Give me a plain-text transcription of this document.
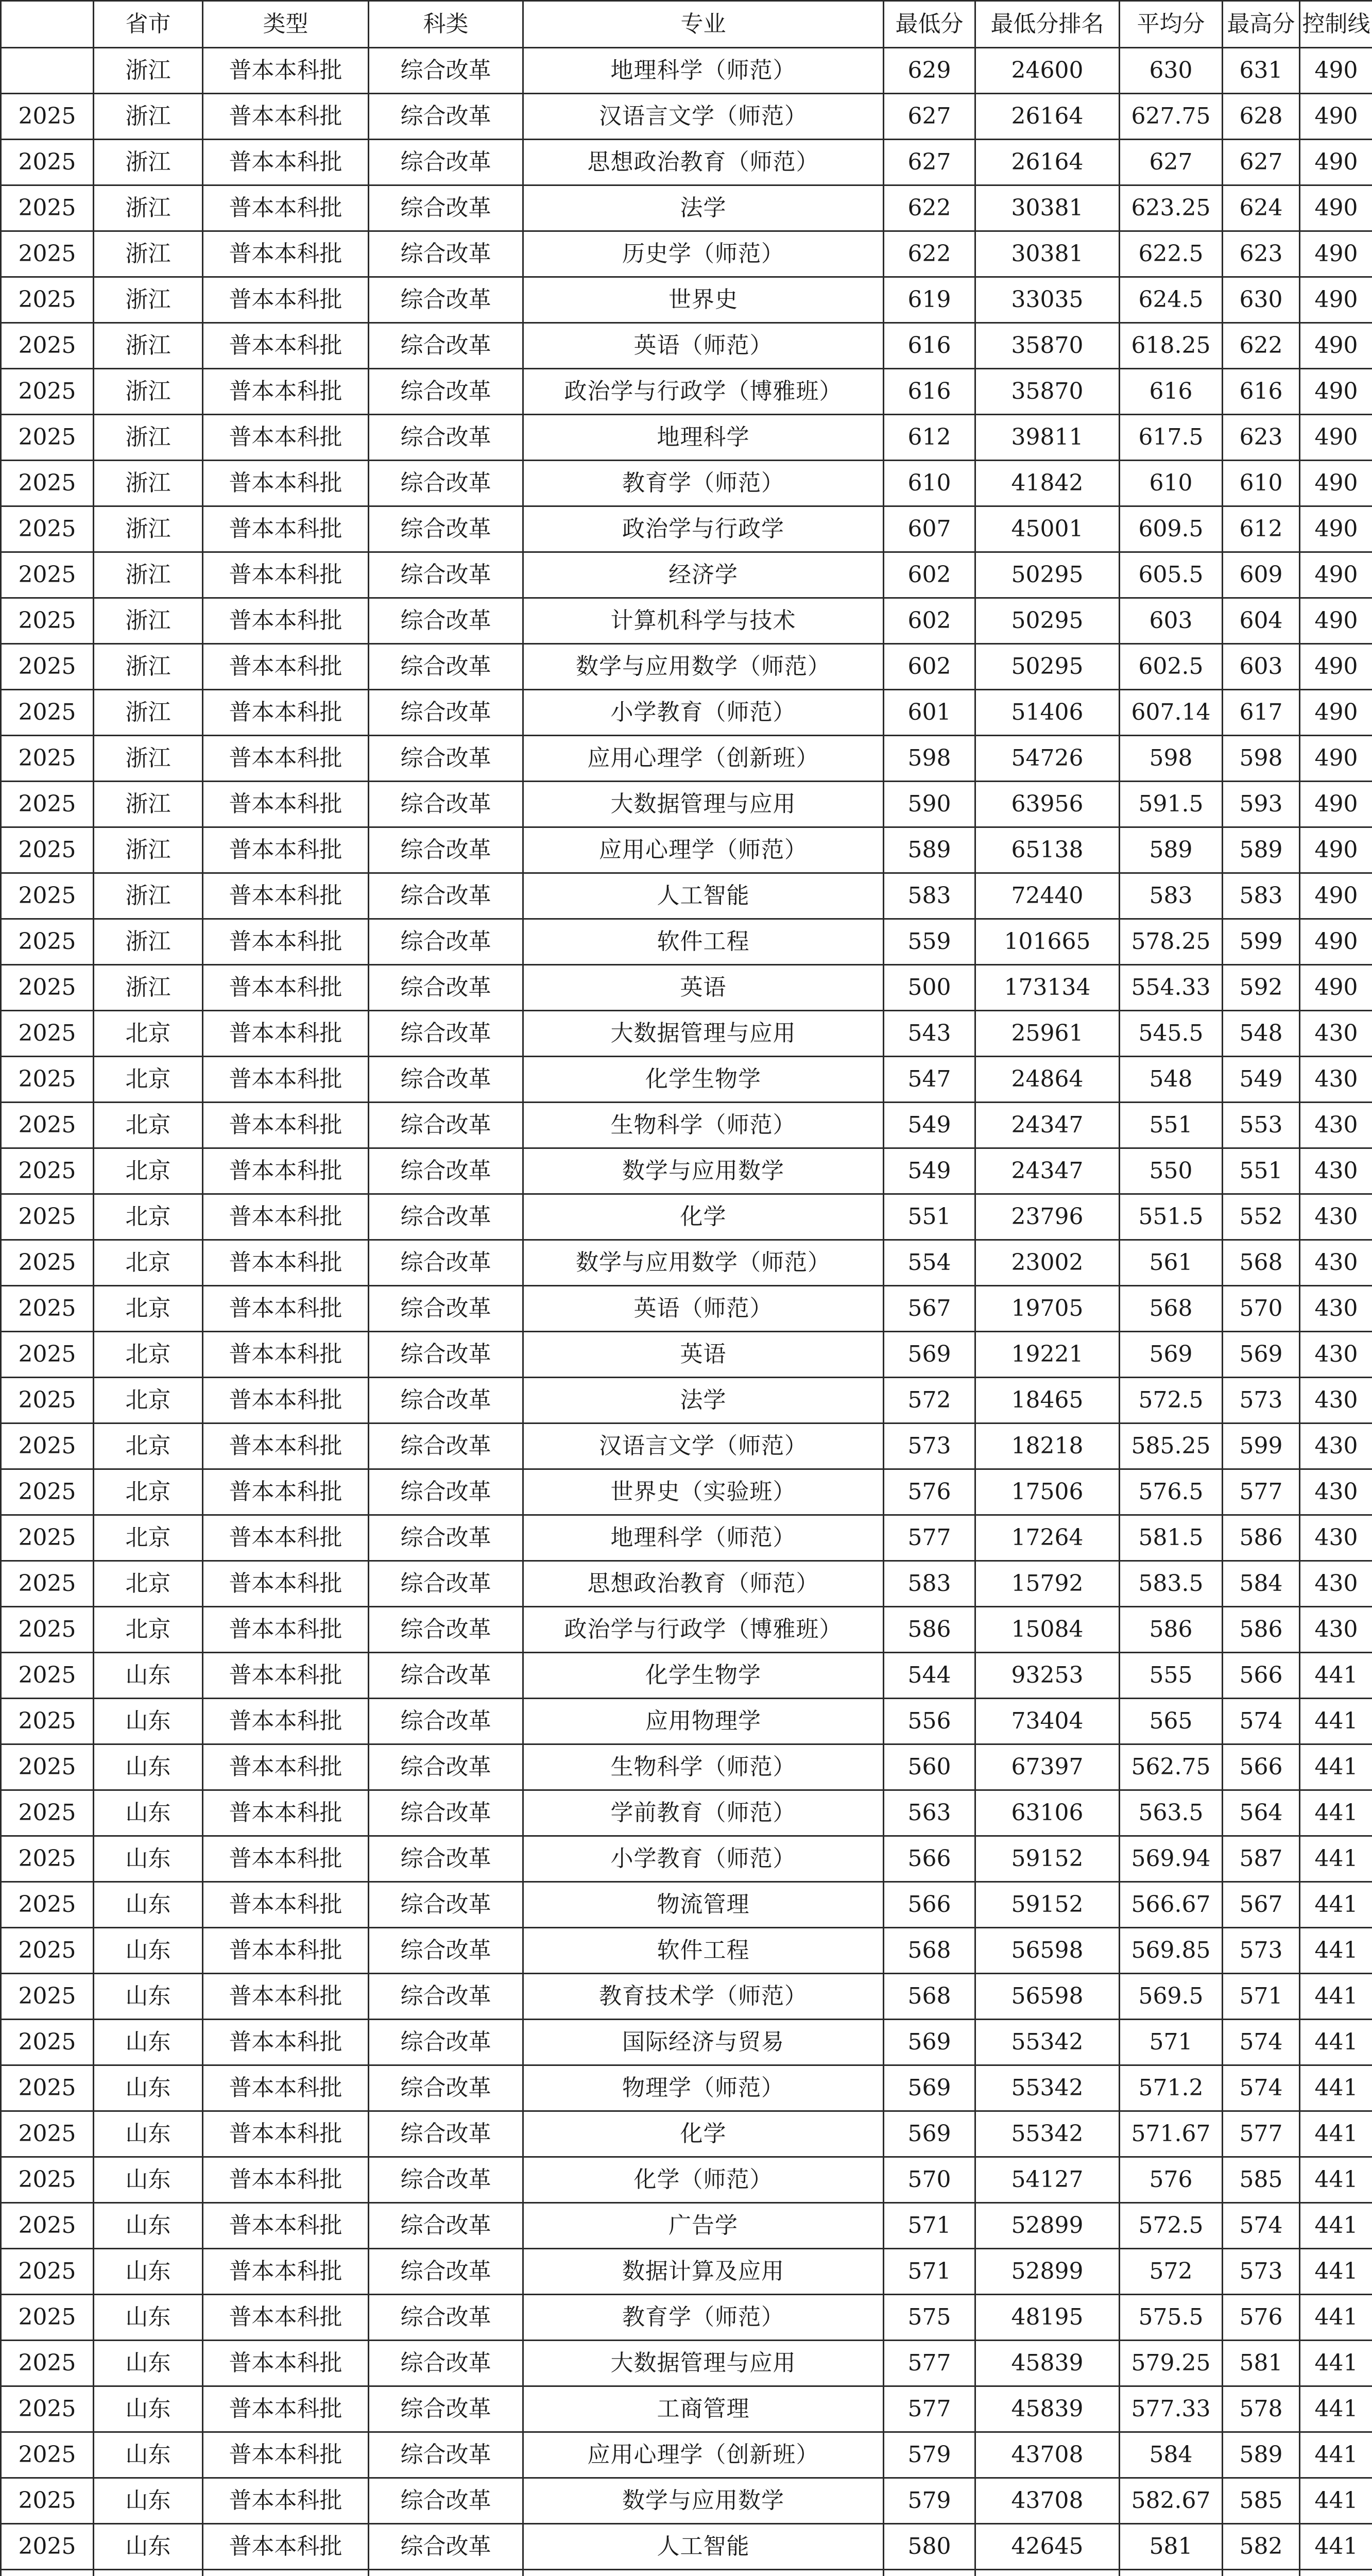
	省市	类型	科类	专业	最低分	最低分排名	平均分	最高分	控制线
	浙江	普本本科批	综合改革	地理科学（师范）	629	24600	630	631	490
2025	浙江	普本本科批	综合改革	汉语言文学（师范）	627	26164	627.75	628	490
2025	浙江	普本本科批	综合改革	思想政治教育（师范）	627	26164	627	627	490
2025	浙江	普本本科批	综合改革	法学	622	30381	623.25	624	490
2025	浙江	普本本科批	综合改革	历史学（师范）	622	30381	622.5	623	490
2025	浙江	普本本科批	综合改革	世界史	619	33035	624.5	630	490
2025	浙江	普本本科批	综合改革	英语（师范）	616	35870	618.25	622	490
2025	浙江	普本本科批	综合改革	政治学与行政学（博雅班）	616	35870	616	616	490
2025	浙江	普本本科批	综合改革	地理科学	612	39811	617.5	623	490
2025	浙江	普本本科批	综合改革	教育学（师范）	610	41842	610	610	490
2025	浙江	普本本科批	综合改革	政治学与行政学	607	45001	609.5	612	490
2025	浙江	普本本科批	综合改革	经济学	602	50295	605.5	609	490
2025	浙江	普本本科批	综合改革	计算机科学与技术	602	50295	603	604	490
2025	浙江	普本本科批	综合改革	数学与应用数学（师范）	602	50295	602.5	603	490
2025	浙江	普本本科批	综合改革	小学教育（师范）	601	51406	607.14	617	490
2025	浙江	普本本科批	综合改革	应用心理学（创新班）	598	54726	598	598	490
2025	浙江	普本本科批	综合改革	大数据管理与应用	590	63956	591.5	593	490
2025	浙江	普本本科批	综合改革	应用心理学（师范）	589	65138	589	589	490
2025	浙江	普本本科批	综合改革	人工智能	583	72440	583	583	490
2025	浙江	普本本科批	综合改革	软件工程	559	101665	578.25	599	490
2025	浙江	普本本科批	综合改革	英语	500	173134	554.33	592	490
2025	北京	普本本科批	综合改革	大数据管理与应用	543	25961	545.5	548	430
2025	北京	普本本科批	综合改革	化学生物学	547	24864	548	549	430
2025	北京	普本本科批	综合改革	生物科学（师范）	549	24347	551	553	430
2025	北京	普本本科批	综合改革	数学与应用数学	549	24347	550	551	430
2025	北京	普本本科批	综合改革	化学	551	23796	551.5	552	430
2025	北京	普本本科批	综合改革	数学与应用数学（师范）	554	23002	561	568	430
2025	北京	普本本科批	综合改革	英语（师范）	567	19705	568	570	430
2025	北京	普本本科批	综合改革	英语	569	19221	569	569	430
2025	北京	普本本科批	综合改革	法学	572	18465	572.5	573	430
2025	北京	普本本科批	综合改革	汉语言文学（师范）	573	18218	585.25	599	430
2025	北京	普本本科批	综合改革	世界史（实验班）	576	17506	576.5	577	430
2025	北京	普本本科批	综合改革	地理科学（师范）	577	17264	581.5	586	430
2025	北京	普本本科批	综合改革	思想政治教育（师范）	583	15792	583.5	584	430
2025	北京	普本本科批	综合改革	政治学与行政学（博雅班）	586	15084	586	586	430
2025	山东	普本本科批	综合改革	化学生物学	544	93253	555	566	441
2025	山东	普本本科批	综合改革	应用物理学	556	73404	565	574	441
2025	山东	普本本科批	综合改革	生物科学（师范）	560	67397	562.75	566	441
2025	山东	普本本科批	综合改革	学前教育（师范）	563	63106	563.5	564	441
2025	山东	普本本科批	综合改革	小学教育（师范）	566	59152	569.94	587	441
2025	山东	普本本科批	综合改革	物流管理	566	59152	566.67	567	441
2025	山东	普本本科批	综合改革	软件工程	568	56598	569.85	573	441
2025	山东	普本本科批	综合改革	教育技术学（师范）	568	56598	569.5	571	441
2025	山东	普本本科批	综合改革	国际经济与贸易	569	55342	571	574	441
2025	山东	普本本科批	综合改革	物理学（师范）	569	55342	571.2	574	441
2025	山东	普本本科批	综合改革	化学	569	55342	571.67	577	441
2025	山东	普本本科批	综合改革	化学（师范）	570	54127	576	585	441
2025	山东	普本本科批	综合改革	广告学	571	52899	572.5	574	441
2025	山东	普本本科批	综合改革	数据计算及应用	571	52899	572	573	441
2025	山东	普本本科批	综合改革	教育学（师范）	575	48195	575.5	576	441
2025	山东	普本本科批	综合改革	大数据管理与应用	577	45839	579.25	581	441
2025	山东	普本本科批	综合改革	工商管理	577	45839	577.33	578	441
2025	山东	普本本科批	综合改革	应用心理学（创新班）	579	43708	584	589	441
2025	山东	普本本科批	综合改革	数学与应用数学	579	43708	582.67	585	441
2025	山东	普本本科批	综合改革	人工智能	580	42645	581	582	441
